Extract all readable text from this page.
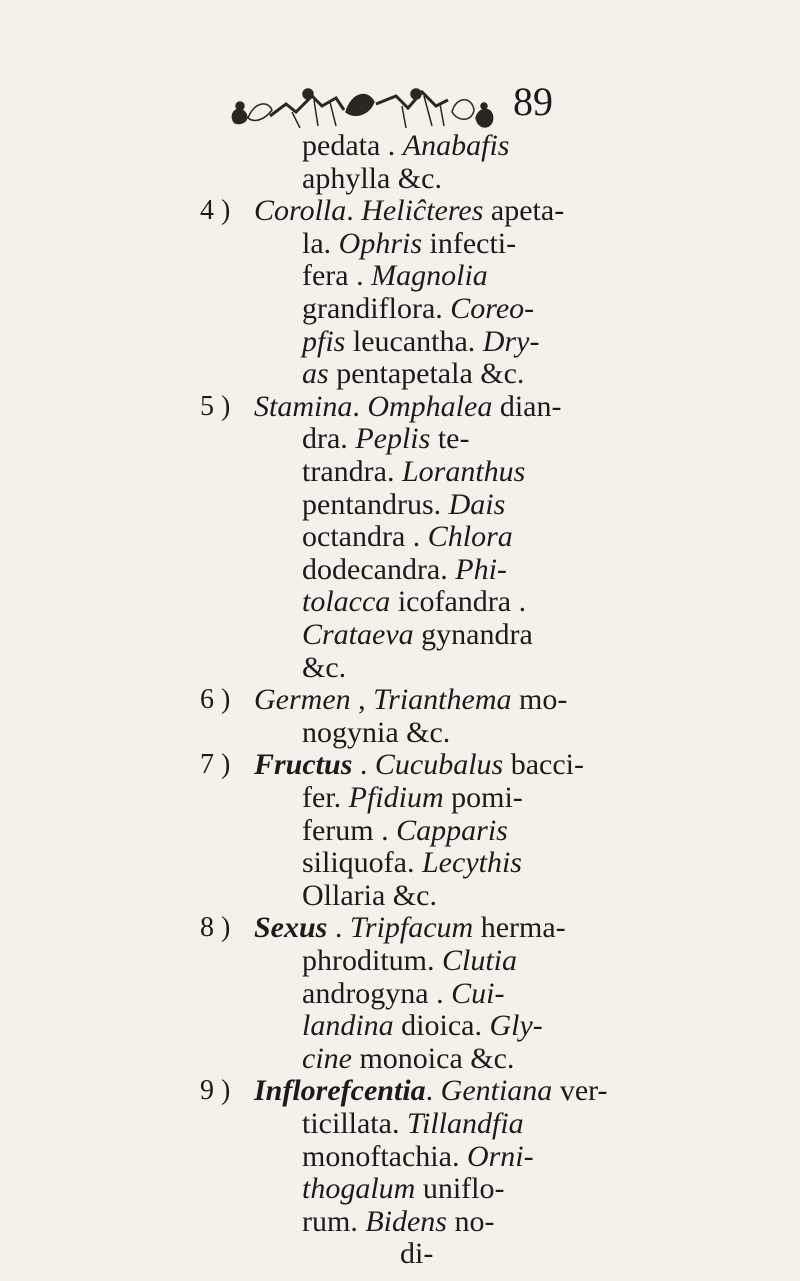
89
pedata . Anabafis
aphylla &c.
Corolla. Heliĉteres apeta-
la. Ophris infecti-
fera . Magnolia
grandiflora. Coreo-
pfis leucantha. Dry-
as pentapetala &c.
Stamina. Omphalea dian-
dra. Peplis te-
trandra. Loranthus
pentandrus. Dais
octandra . Chlora
dodecandra. Phi-
tolacca icofandra .
Crataeva gynandra
&c.
Germen , Trianthema mo-
nogynia &c.
Fructus . Cucubalus bacci-
fer. Pfidium pomi-
ferum . Capparis
siliquofa. Lecythis
Ollaria &c.
Sexus . Tripfacum herma-
phroditum. Clutia
androgyna . Cui-
landina dioica. Gly-
cine monoica &c.
Inflorefcentia. Gentiana ver-
ticillata. Tillandfia
monoftachia. Orni-
thogalum uniflo-
rum. Bidens no-
di-
4 )
5 )
6 )
7 )
8 )
9 )
